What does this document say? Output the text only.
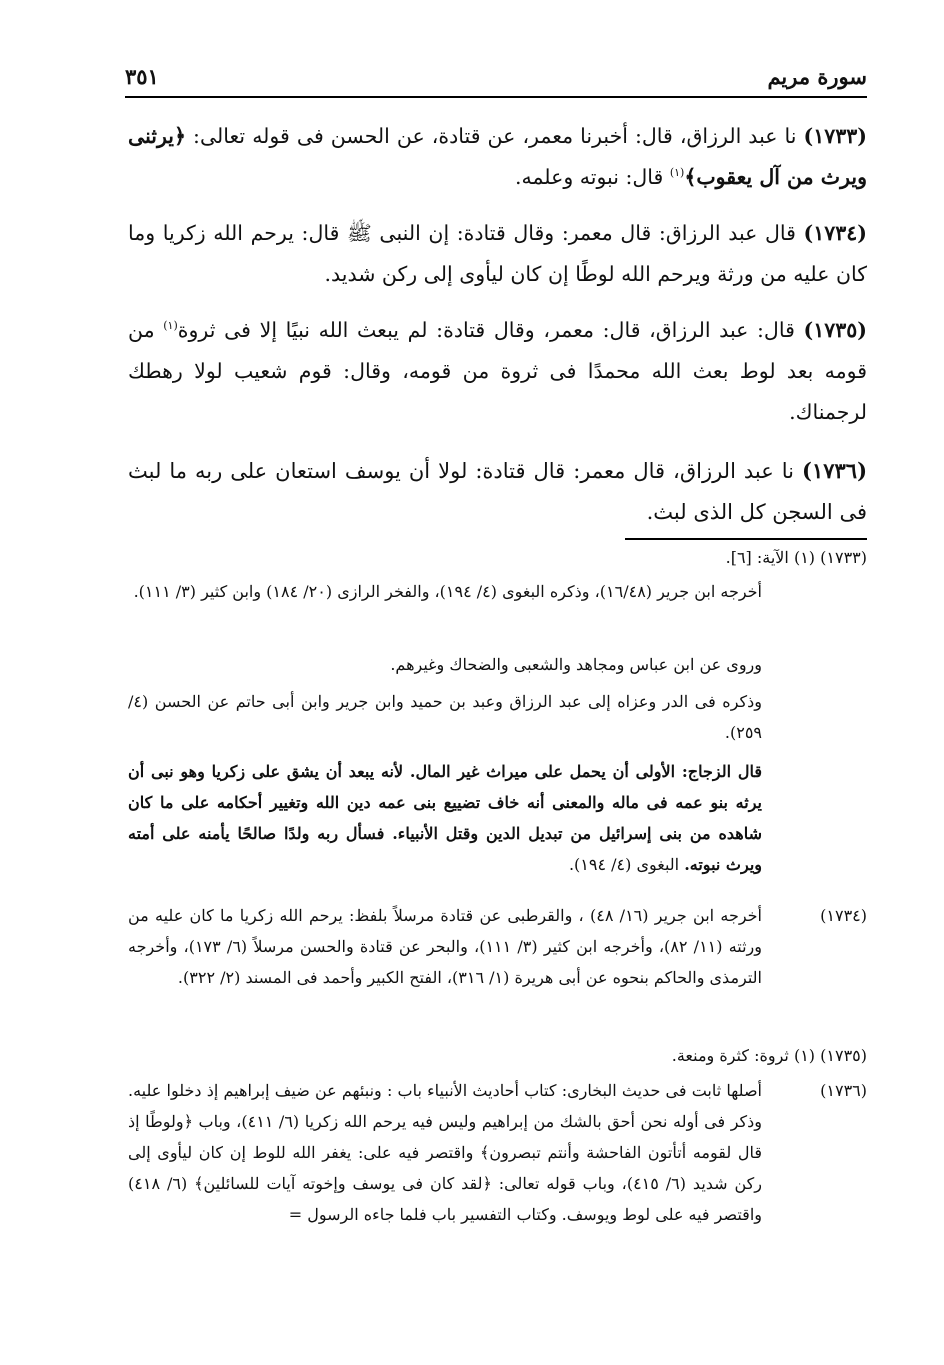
سورة مريم
٣٥١
(١٧٣٣) نا عبد الرزاق، قال: أخبرنا معمر، عن قتادة، عن الحسن فى قوله تعالى: ﴿يرثنى ويرث من آل يعقوب﴾$^{(١)}$ قال: نبوته وعلمه.
(١٧٣٤) قال عبد الرزاق: قال معمر: وقال قتادة: إن النبى ﷺ قال: يرحم الله زكريا وما كان عليه من ورثة ويرحم الله لوطًا إن كان ليأوى إلى ركن شديد.
(١٧٣٥) قال: عبد الرزاق، قال: معمر، وقال قتادة: لم يبعث الله نبيًا إلا فى ثروة$^{(١)}$ من قومه بعد لوط بعث الله محمدًا فى ثروة من قومه، وقال: قوم شعيب لولا رهطك لرجمناك.
(١٧٣٦) نا عبد الرزاق، قال معمر: قال قتادة: لولا أن يوسف استعان على ربه ما لبث فى السجن كل الذى لبث.
(١٧٣٣) (١) الآية: [٦].
أخرجه ابن جرير (١٦/٤٨)، وذكره البغوى (٤/ ١٩٤)، والفخر الرازى (٢٠/ ١٨٤) وابن كثير (٣/ ١١١).
وروى عن ابن عباس ومجاهد والشعبى والضحاك وغيرهم.
وذكره فى الدر وعزاه إلى عبد الرزاق وعبد بن حميد وابن جرير وابن أبى حاتم عن الحسن (٤/ ٢٥٩).
قال الزجاج: الأولى أن يحمل على ميراث غير المال. لأنه يبعد أن يشق على زكريا وهو نبى أن يرثه بنو عمه فى ماله والمعنى أنه خاف تضييع بنى عمه دين الله وتغيير أحكامه على ما كان شاهده من بنى إسرائيل من تبديل الدين وقتل الأنبياء. فسأل ربه ولدًا صالحًا يأمنه على أمته ويرث نبوته. البغوى (٤/ ١٩٤).
(١٧٣٤)
أخرجه ابن جرير (١٦/ ٤٨) ، والقرطبى عن قتادة مرسلاً بلفظ: يرحم الله زكريا ما كان عليه من ورثته (١١/ ٨٢)، وأخرجه ابن كثير (٣/ ١١١)، والبحر عن قتادة والحسن مرسلاً (٦/ ١٧٣)، وأخرجه الترمذى والحاكم بنحوه عن أبى هريرة (١/ ٣١٦)، الفتح الكبير وأحمد فى المسند (٢/ ٣٢٢).
(١٧٣٥) (١) ثروة: كثرة ومنعة.
(١٧٣٦)
أصلها ثابت فى حديث البخارى: كتاب أحاديث الأنبياء باب : ونبئهم عن ضيف إبراهيم إذ دخلوا عليه. وذكر فى أوله نحن أحق بالشك من إبراهيم وليس فيه يرحم الله زكريا (٦/ ٤١١)، وباب ﴿ولوطًا إذ قال لقومه أتأتون الفاحشة وأنتم تبصرون﴾ واقتصر فيه على: يغفر الله للوط إن كان ليأوى إلى ركن شديد (٦/ ٤١٥)، وباب قوله تعالى: ﴿لقد كان فى يوسف وإخوته آيات للسائلين﴾ (٦/ ٤١٨) واقتصر فيه على لوط ويوسف. وكتاب التفسير باب فلما جاءه الرسول =
